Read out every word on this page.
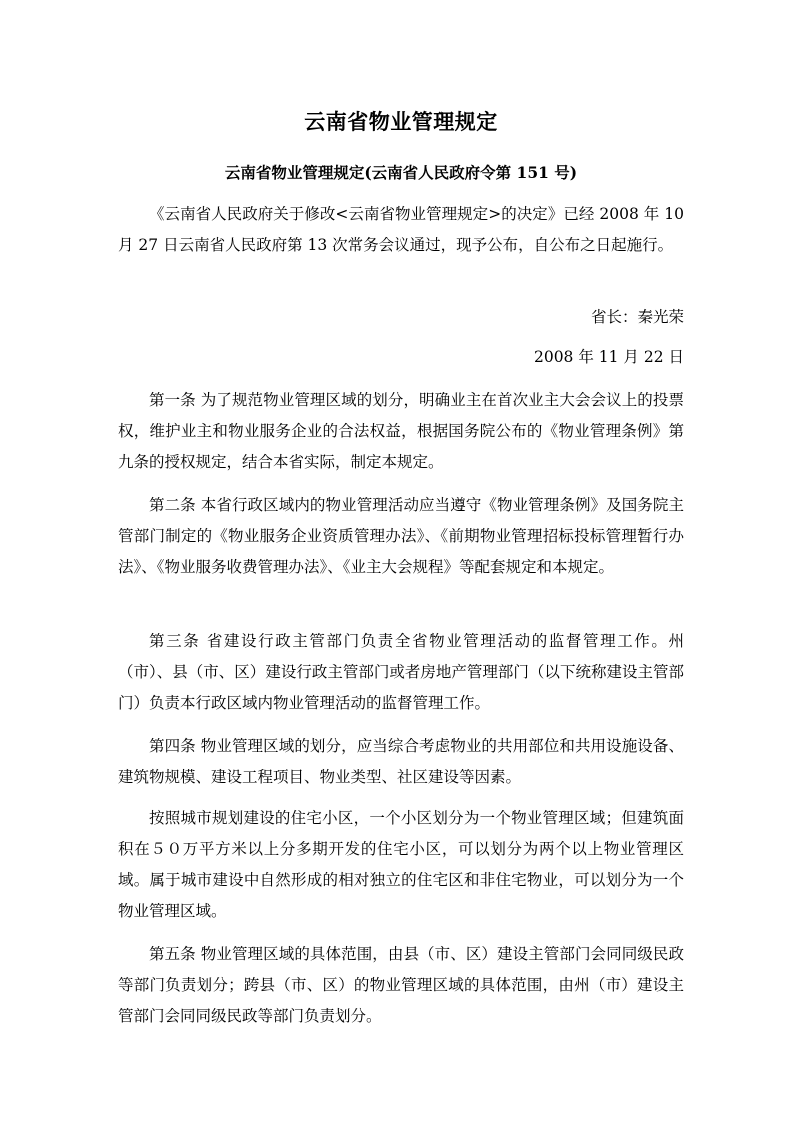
云南省物业管理规定
云南省物业管理规定(云南省人民政府令第 151 号)

《云南省人民政府关于修改<云南省物业管理规定>的决定》已经 2008 年 10 月 27 日云南省人民政府第 13 次常务会议通过，现予公布，自公布之日起施行。

省长：秦光荣

2008 年 11 月 22 日

第一条 为了规范物业管理区域的划分，明确业主在首次业主大会会议上的投票权，维护业主和物业服务企业的合法权益，根据国务院公布的《物业管理条例》第九条的授权规定，结合本省实际，制定本规定。

第二条 本省行政区域内的物业管理活动应当遵守《物业管理条例》及国务院主管部门制定的《物业服务企业资质管理办法》、《前期物业管理招标投标管理暂行办法》、《物业服务收费管理办法》、《业主大会规程》等配套规定和本规定。

第三条 省建设行政主管部门负责全省物业管理活动的监督管理工作。州（市）、县（市、区）建设行政主管部门或者房地产管理部门（以下统称建设主管部门）负责本行政区域内物业管理活动的监督管理工作。

第四条 物业管理区域的划分，应当综合考虑物业的共用部位和共用设施设备、建筑物规模、建设工程项目、物业类型、社区建设等因素。

按照城市规划建设的住宅小区，一个小区划分为一个物业管理区域；但建筑面积在５０万平方米以上分多期开发的住宅小区，可以划分为两个以上物业管理区域。属于城市建设中自然形成的相对独立的住宅区和非住宅物业，可以划分为一个物业管理区域。

第五条 物业管理区域的具体范围，由县（市、区）建设主管部门会同同级民政等部门负责划分；跨县（市、区）的物业管理区域的具体范围，由州（市）建设主管部门会同同级民政等部门负责划分。
